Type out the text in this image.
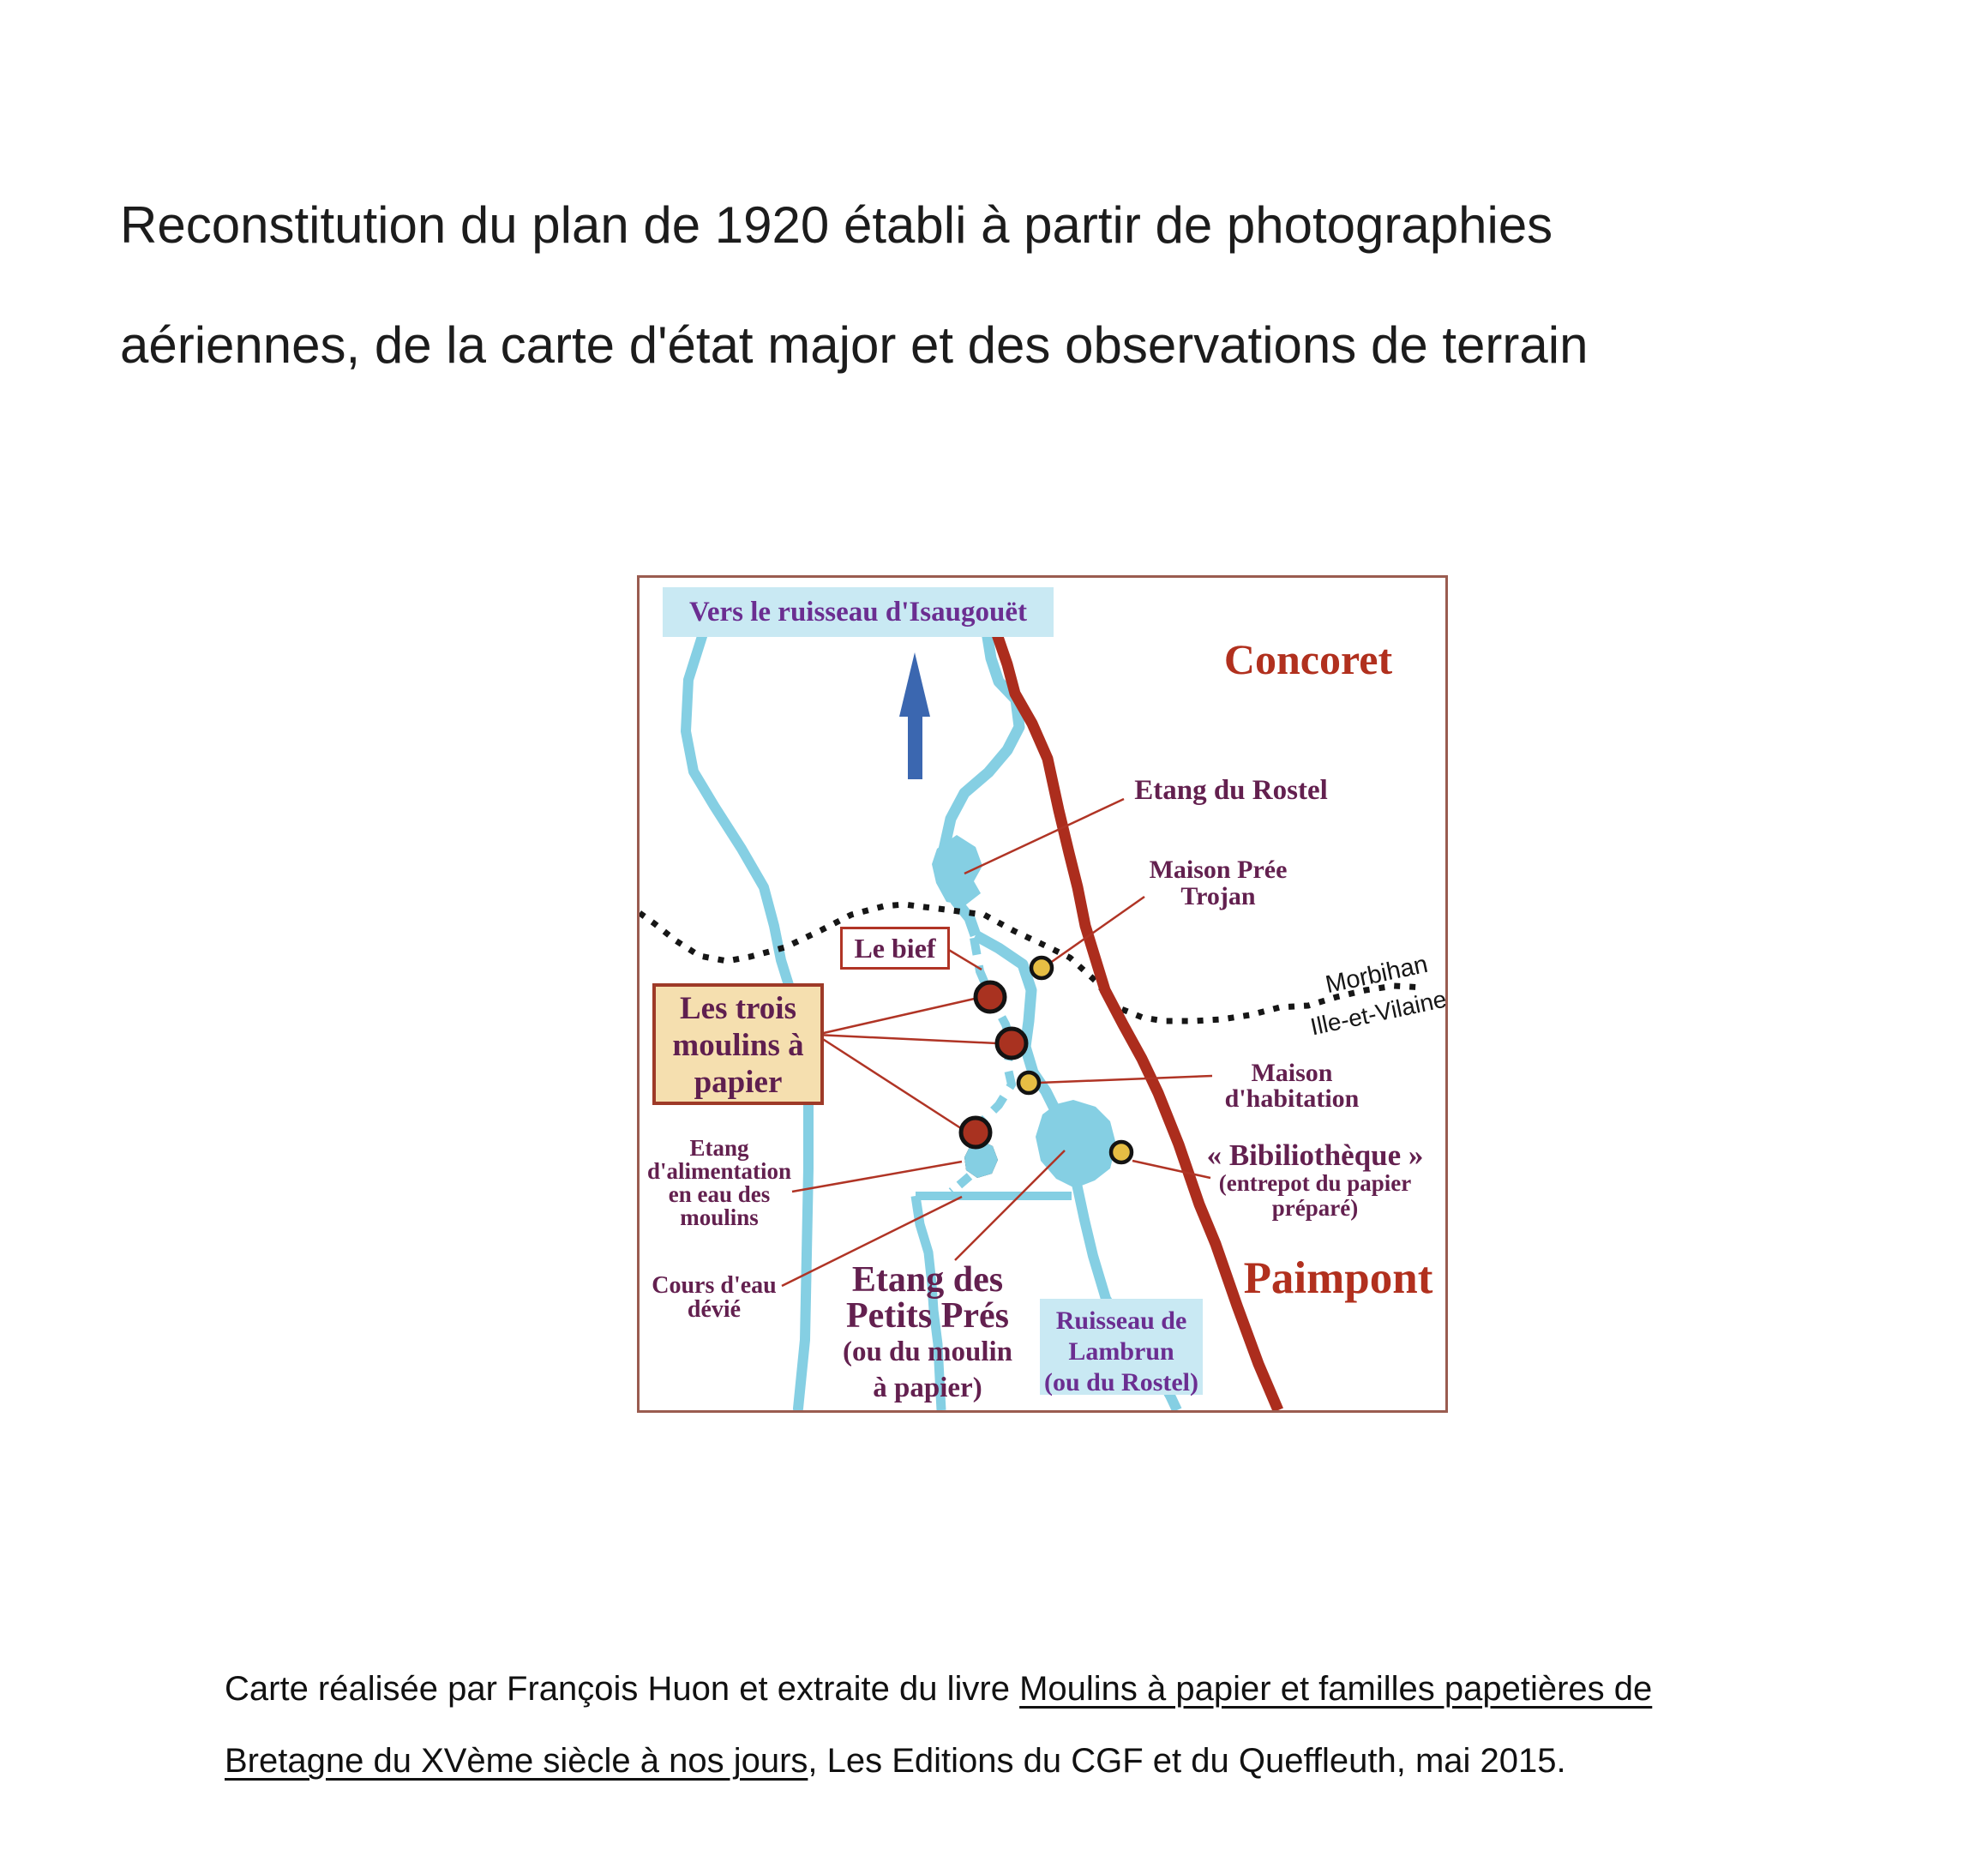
Reconstitution du plan de 1920 établi à partir de photographies
aériennes, de la carte d'état major et des observations de terrain
Vers le ruisseau d'Isaugouët
Concoret
Etang du Rostel
Maison Prée
Trojan
Le bief
Les trois
moulins à
papier
Morbihan
Ille-et-Vilaine
Maison
d'habitation
« Bibiliothèque »
(entrepot du papier
préparé)
Etang
d'alimentation
en eau des
moulins
Cours d'eau
dévié
Etang des
Petits Prés
(ou du moulin
à papier)
Ruisseau de
Lambrun
(ou du Rostel)
Paimpont
Carte réalisée par François Huon et extraite du livre Moulins à papier et familles papetières de
Bretagne du XVème siècle à nos jours, Les Editions du CGF et du Queffleuth, mai 2015.
